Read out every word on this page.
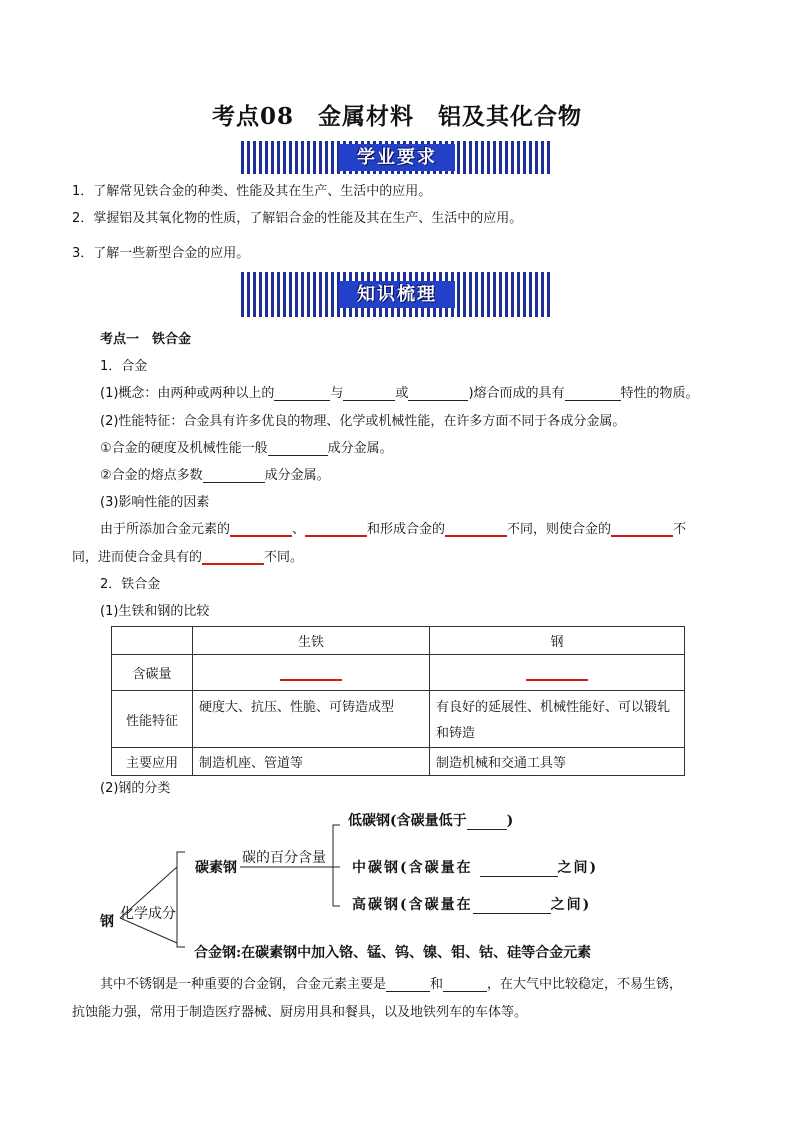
考点08　金属材料　铝及其化合物
学业要求
1．了解常见铁合金的种类、性能及其在生产、生活中的应用。
2．掌握铝及其氧化物的性质，了解铝合金的性能及其在生产、生活中的应用。
3．了解一些新型合金的应用。
知识梳理
考点一　铁合金
1．合金
(1)概念：由两种或两种以上的	与	或	)熔合而成的具有	特性的物质。
(2)性能特征：合金具有许多优良的物理、化学或机械性能，在许多方面不同于各成分金属。
①合金的硬度及机械性能一般	成分金属。
②合金的熔点多数	成分金属。
(3)影响性能的因素
由于所添加合金元素的	、	和形成合金的	不同，则使合金的	不
同，进而使合金具有的	不同。
2．铁合金
(1)生铁和钢的比较
	生铁	钢
含碳量		
性能特征	硬度大、抗压、性脆、可铸造成型	有良好的延展性、机械性能好、可以锻轧和铸造
主要应用	制造机座、管道等	制造机械和交通工具等
(2)钢的分类
钢 化学成分
碳素钢
碳的百分含量
低碳钢(含碳量低于	)
中碳钢(含碳量在	之间)
高碳钢(含碳量在	之间)
合金钢:在碳素钢中加入铬、锰、钨、镍、钼、钴、硅等合金元素
其中不锈钢是一种重要的合金钢，合金元素主要是	和	，在大气中比较稳定，不易生锈，
抗蚀能力强，常用于制造医疗器械、厨房用具和餐具，以及地铁列车的车体等。
